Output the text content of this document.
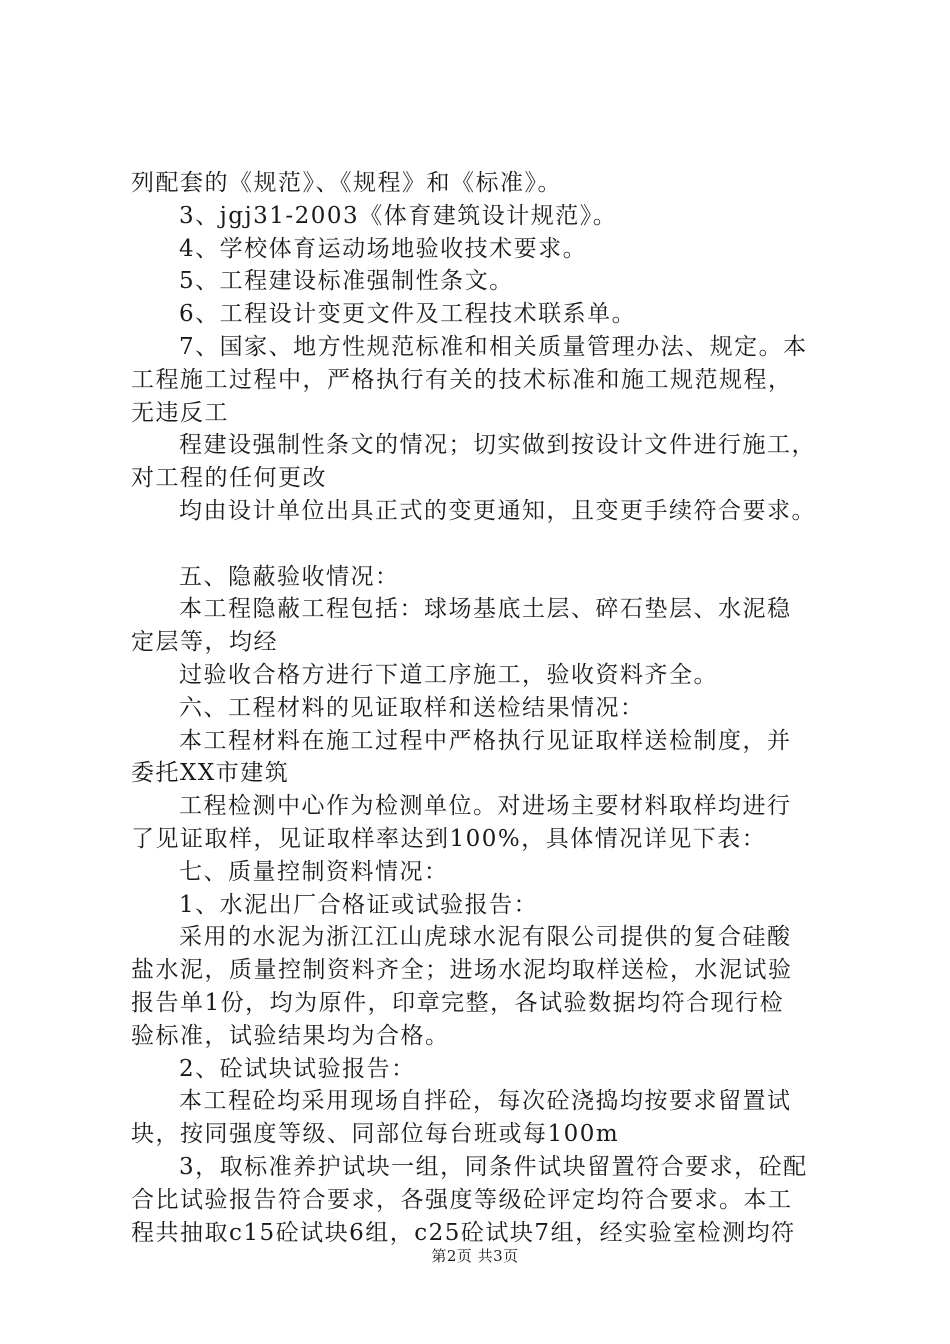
列配套的《规范》、《规程》和《标准》。
3、jgj31-2003《体育建筑设计规范》。
4、学校体育运动场地验收技术要求。
5、工程建设标准强制性条文。
6、工程设计变更文件及工程技术联系单。
7、国家、地方性规范标准和相关质量管理办法、规定。本
工程施工过程中，严格执行有关的技术标准和施工规范规程，
无违反工
程建设强制性条文的情况；切实做到按设计文件进行施工，
对工程的任何更改
均由设计单位出具正式的变更通知，且变更手续符合要求。
五、隐蔽验收情况：
本工程隐蔽工程包括：球场基底土层、碎石垫层、水泥稳
定层等，均经
过验收合格方进行下道工序施工，验收资料齐全。
六、工程材料的见证取样和送检结果情况：
本工程材料在施工过程中严格执行见证取样送检制度，并
委托XX市建筑
工程检测中心作为检测单位。对进场主要材料取样均进行
了见证取样，见证取样率达到100%，具体情况详见下表：
七、质量控制资料情况：
1、水泥出厂合格证或试验报告：
采用的水泥为浙江江山虎球水泥有限公司提供的复合硅酸
盐水泥，质量控制资料齐全；进场水泥均取样送检，水泥试验
报告单1份，均为原件，印章完整，各试验数据均符合现行检
验标准，试验结果均为合格。
2、砼试块试验报告：
本工程砼均采用现场自拌砼，每次砼浇捣均按要求留置试
块，按同强度等级、同部位每台班或每100m
3，取标准养护试块一组，同条件试块留置符合要求，砼配
合比试验报告符合要求，各强度等级砼评定均符合要求。本工
程共抽取c15砼试块6组，c25砼试块7组，经实验室检测均符
第2页 共3页
